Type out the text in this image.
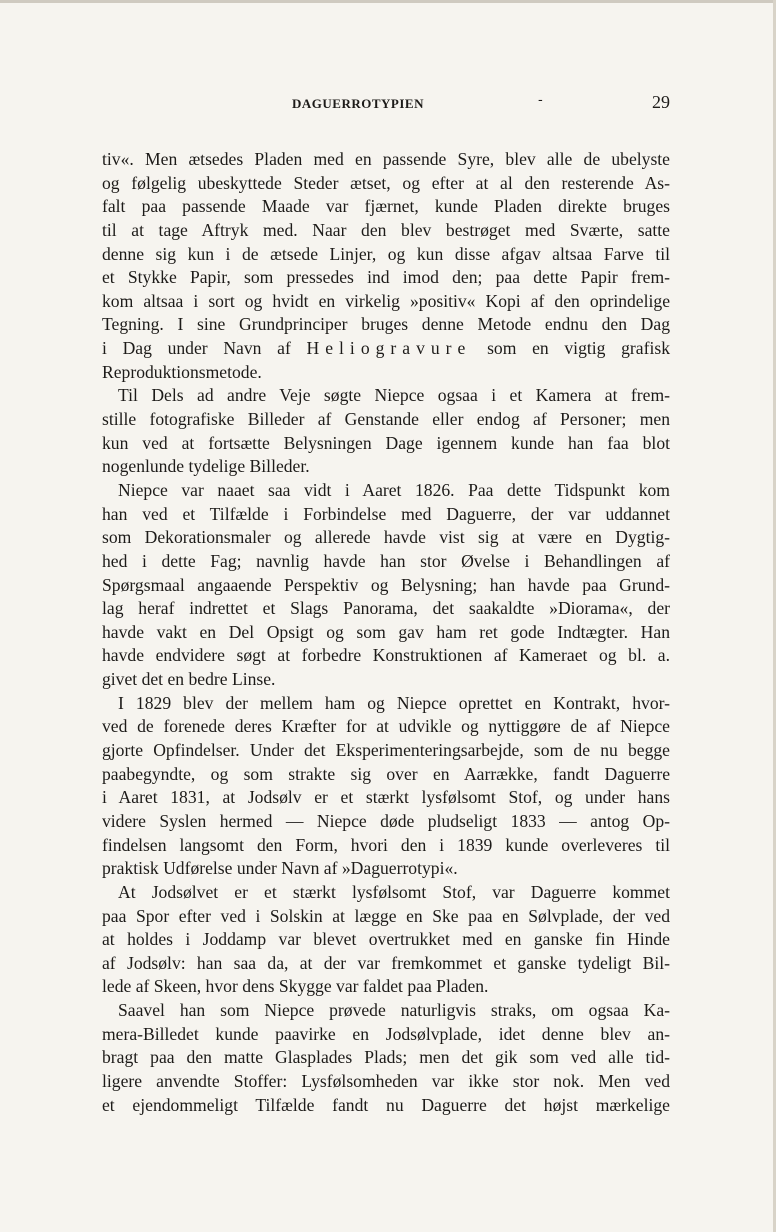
DAGUERROTYPIEN	-	29
tiv«. Men ætsedes Pladen med en passende Syre, blev alle de ubelyste
og følgelig ubeskyttede Steder ætset, og efter at al den resterende As-
falt paa passende Maade var fjærnet, kunde Pladen direkte bruges
til at tage Aftryk med. Naar den blev bestrøget med Sværte, satte
denne sig kun i de ætsede Linjer, og kun disse afgav altsaa Farve til
et Stykke Papir, som pressedes ind imod den; paa dette Papir frem-
kom altsaa i sort og hvidt en virkelig »positiv« Kopi af den oprindelige
Tegning. I sine Grundprinciper bruges denne Metode endnu den Dag
i Dag under Navn af Heliogravure som en vigtig grafisk
Reproduktionsmetode.
Til Dels ad andre Veje søgte Niepce ogsaa i et Kamera at frem-
stille fotografiske Billeder af Genstande eller endog af Personer; men
kun ved at fortsætte Belysningen Dage igennem kunde han faa blot
nogenlunde tydelige Billeder.
Niepce var naaet saa vidt i Aaret 1826. Paa dette Tidspunkt kom
han ved et Tilfælde i Forbindelse med Daguerre, der var uddannet
som Dekorationsmaler og allerede havde vist sig at være en Dygtig-
hed i dette Fag; navnlig havde han stor Øvelse i Behandlingen af
Spørgsmaal angaaende Perspektiv og Belysning; han havde paa Grund-
lag heraf indrettet et Slags Panorama, det saakaldte »Diorama«, der
havde vakt en Del Opsigt og som gav ham ret gode Indtægter. Han
havde endvidere søgt at forbedre Konstruktionen af Kameraet og bl. a.
givet det en bedre Linse.
I 1829 blev der mellem ham og Niepce oprettet en Kontrakt, hvor-
ved de forenede deres Kræfter for at udvikle og nyttiggøre de af Niepce
gjorte Opfindelser. Under det Eksperimenteringsarbejde, som de nu begge
paabegyndte, og som strakte sig over en Aarrække, fandt Daguerre
i Aaret 1831, at Jodsølv er et stærkt lysfølsomt Stof, og under hans
videre Syslen hermed — Niepce døde pludseligt 1833 — antog Op-
findelsen langsomt den Form, hvori den i 1839 kunde overleveres til
praktisk Udførelse under Navn af »Daguerrotypi«.
At Jodsølvet er et stærkt lysfølsomt Stof, var Daguerre kommet
paa Spor efter ved i Solskin at lægge en Ske paa en Sølvplade, der ved
at holdes i Joddamp var blevet overtrukket med en ganske fin Hinde
af Jodsølv: han saa da, at der var fremkommet et ganske tydeligt Bil-
lede af Skeen, hvor dens Skygge var faldet paa Pladen.
Saavel han som Niepce prøvede naturligvis straks, om ogsaa Ka-
mera-Billedet kunde paavirke en Jodsølvplade, idet denne blev an-
bragt paa den matte Glasplades Plads; men det gik som ved alle tid-
ligere anvendte Stoffer: Lysfølsomheden var ikke stor nok. Men ved
et ejendommeligt Tilfælde fandt nu Daguerre det højst mærkelige
